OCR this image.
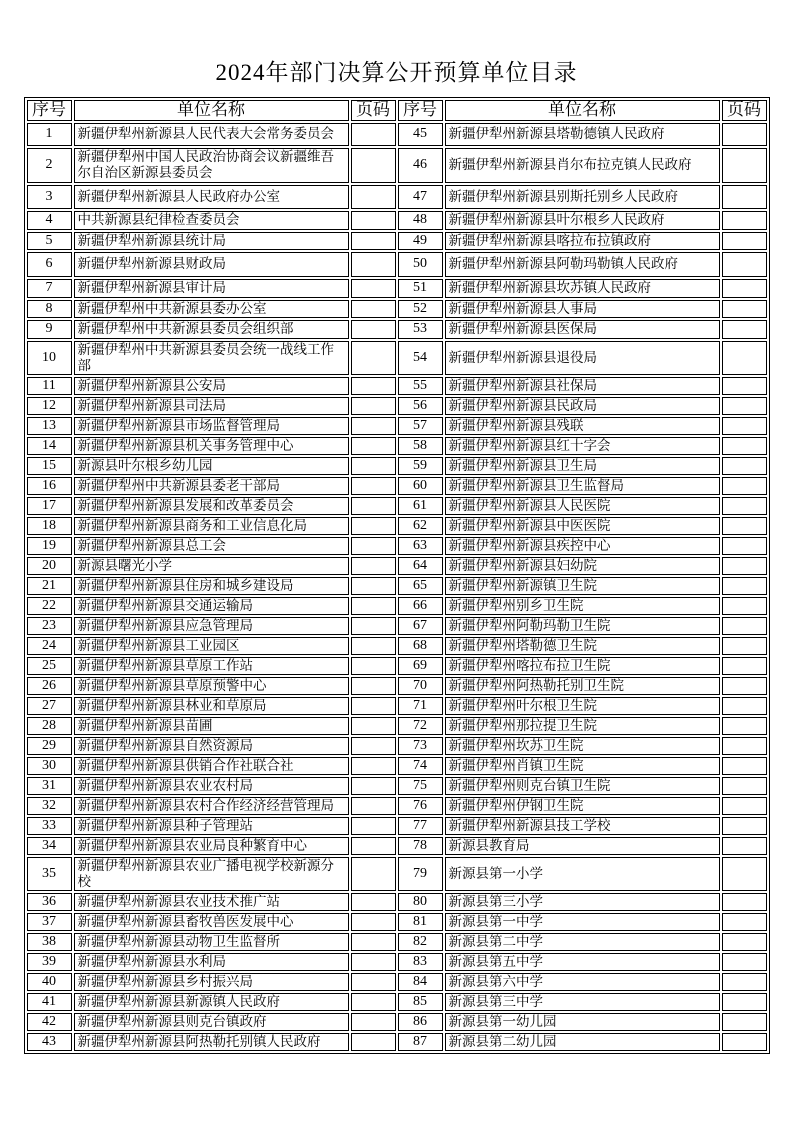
2024年部门决算公开预算单位目录
序号	单位名称	页码	序号	单位名称	页码
1	新疆伊犁州新源县人民代表大会常务委员会		45	新疆伊犁州新源县塔勒德镇人民政府	
2	新疆伊犁州中国人民政治协商会议新疆维吾尔自治区新源县委员会		46	新疆伊犁州新源县肖尔布拉克镇人民政府	
3	新疆伊犁州新源县人民政府办公室		47	新疆伊犁州新源县别斯托别乡人民政府	
4	中共新源县纪律检查委员会		48	新疆伊犁州新源县叶尔根乡人民政府	
5	新疆伊犁州新源县统计局		49	新疆伊犁州新源县喀拉布拉镇政府	
6	新疆伊犁州新源县财政局		50	新疆伊犁州新源县阿勒玛勒镇人民政府	
7	新疆伊犁州新源县审计局		51	新疆伊犁州新源县坎苏镇人民政府	
8	新疆伊犁州中共新源县委办公室		52	新疆伊犁州新源县人事局	
9	新疆伊犁州中共新源县委员会组织部		53	新疆伊犁州新源县医保局	
10	新疆伊犁州中共新源县委员会统一战线工作部		54	新疆伊犁州新源县退役局	
11	新疆伊犁州新源县公安局		55	新疆伊犁州新源县社保局	
12	新疆伊犁州新源县司法局		56	新疆伊犁州新源县民政局	
13	新疆伊犁州新源县市场监督管理局		57	新疆伊犁州新源县残联	
14	新疆伊犁州新源县机关事务管理中心		58	新疆伊犁州新源县红十字会	
15	新源县叶尔根乡幼儿园		59	新疆伊犁州新源县卫生局	
16	新疆伊犁州中共新源县委老干部局		60	新疆伊犁州新源县卫生监督局	
17	新疆伊犁州新源县发展和改革委员会		61	新疆伊犁州新源县人民医院	
18	新疆伊犁州新源县商务和工业信息化局		62	新疆伊犁州新源县中医医院	
19	新疆伊犁州新源县总工会		63	新疆伊犁州新源县疾控中心	
20	新源县曙光小学		64	新疆伊犁州新源县妇幼院	
21	新疆伊犁州新源县住房和城乡建设局		65	新疆伊犁州新源镇卫生院	
22	新疆伊犁州新源县交通运输局		66	新疆伊犁州别乡卫生院	
23	新疆伊犁州新源县应急管理局		67	新疆伊犁州阿勒玛勒卫生院	
24	新疆伊犁州新源县工业园区		68	新疆伊犁州塔勒德卫生院	
25	新疆伊犁州新源县草原工作站		69	新疆伊犁州喀拉布拉卫生院	
26	新疆伊犁州新源县草原预警中心		70	新疆伊犁州阿热勒托别卫生院	
27	新疆伊犁州新源县林业和草原局		71	新疆伊犁州叶尔根卫生院	
28	新疆伊犁州新源县苗圃		72	新疆伊犁州那拉提卫生院	
29	新疆伊犁州新源县自然资源局		73	新疆伊犁州坎苏卫生院	
30	新疆伊犁州新源县供销合作社联合社		74	新疆伊犁州肖镇卫生院	
31	新疆伊犁州新源县农业农村局		75	新疆伊犁州则克台镇卫生院	
32	新疆伊犁州新源县农村合作经济经营管理局		76	新疆伊犁州伊钢卫生院	
33	新疆伊犁州新源县种子管理站		77	新疆伊犁州新源县技工学校	
34	新疆伊犁州新源县农业局良种繁育中心		78	新源县教育局	
35	新疆伊犁州新源县农业广播电视学校新源分校		79	新源县第一小学	
36	新疆伊犁州新源县农业技术推广站		80	新源县第三小学	
37	新疆伊犁州新源县畜牧兽医发展中心		81	新源县第一中学	
38	新疆伊犁州新源县动物卫生监督所		82	新源县第二中学	
39	新疆伊犁州新源县水利局		83	新源县第五中学	
40	新疆伊犁州新源县乡村振兴局		84	新源县第六中学	
41	新疆伊犁州新源县新源镇人民政府		85	新源县第三中学	
42	新疆伊犁州新源县则克台镇政府		86	新源县第一幼儿园	
43	新疆伊犁州新源县阿热勒托别镇人民政府		87	新源县第二幼儿园	
